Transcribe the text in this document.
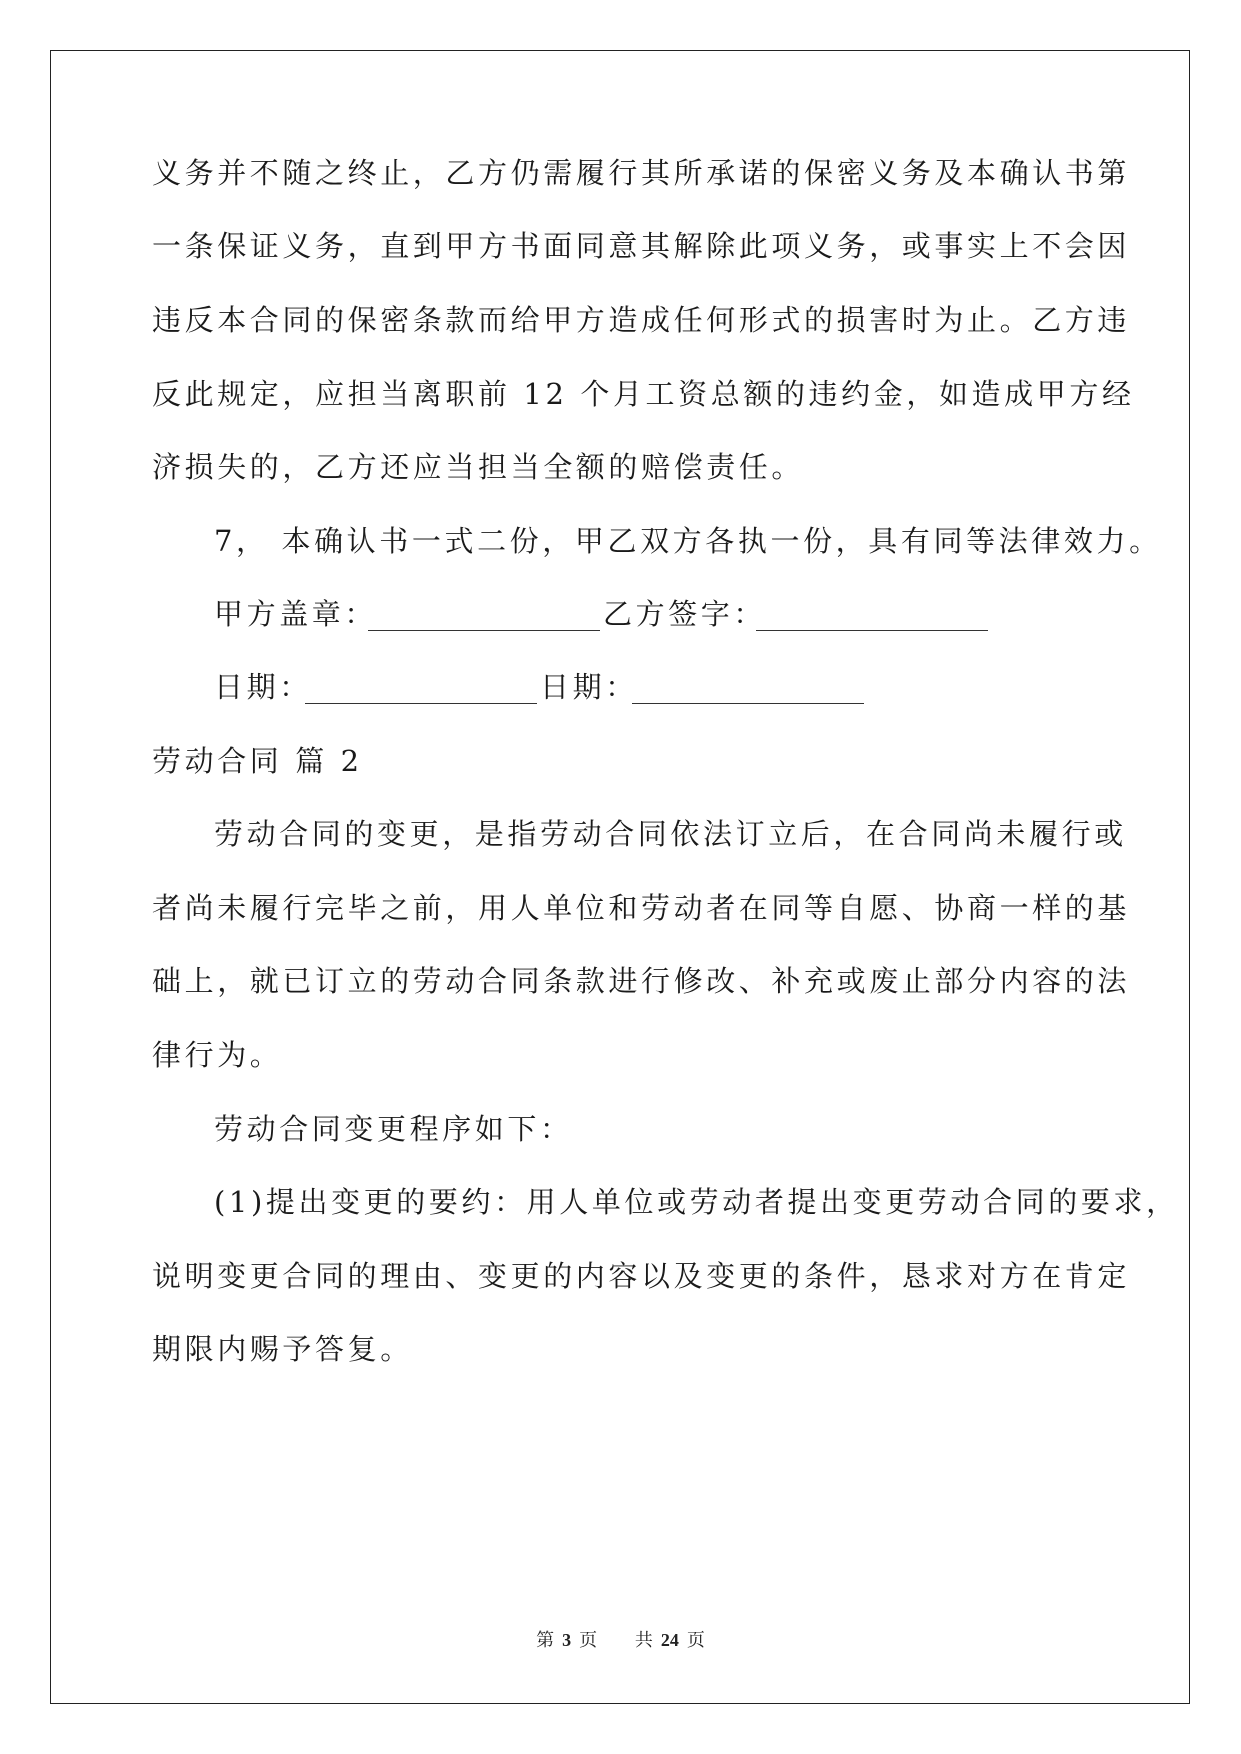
义务并不随之终止，乙方仍需履行其所承诺的保密义务及本确认书第
一条保证义务，直到甲方书面同意其解除此项义务，或事实上不会因
违反本合同的保密条款而给甲方造成任何形式的损害时为止。乙方违
反此规定，应担当离职前 12 个月工资总额的违约金，如造成甲方经
济损失的，乙方还应当担当全额的赔偿责任。
7， 本确认书一式二份，甲乙双方各执一份，具有同等法律效力。
甲方盖章：	乙方签字：
日期：	日期：
劳动合同 篇 2
劳动合同的变更，是指劳动合同依法订立后，在合同尚未履行或
者尚未履行完毕之前，用人单位和劳动者在同等自愿、协商一样的基
础上，就已订立的劳动合同条款进行修改、补充或废止部分内容的法
律行为。
劳动合同变更程序如下：
(1)提出变更的要约：用人单位或劳动者提出变更劳动合同的要求，
说明变更合同的理由、变更的内容以及变更的条件，恳求对方在肯定
期限内赐予答复。
第 3 页 共 24 页
